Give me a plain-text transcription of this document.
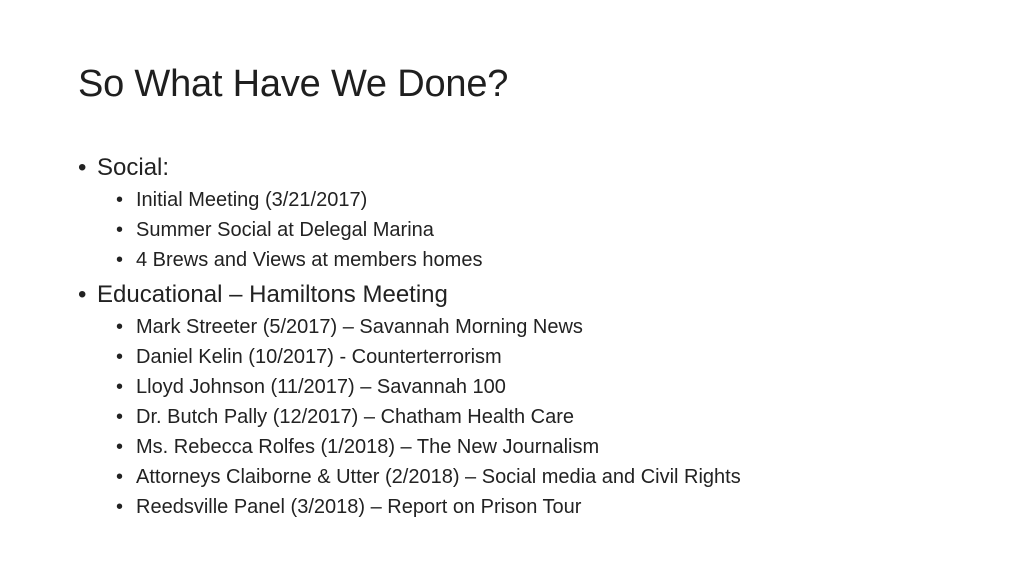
So What Have We Done?
• Social:
• Initial Meeting (3/21/2017)
• Summer Social at Delegal Marina
• 4 Brews and Views at members homes
• Educational – Hamiltons Meeting
• Mark Streeter (5/2017) – Savannah Morning News
• Daniel Kelin (10/2017) - Counterterrorism
• Lloyd Johnson (11/2017) – Savannah 100
• Dr. Butch Pally (12/2017) – Chatham Health Care
• Ms. Rebecca Rolfes (1/2018) – The New Journalism
• Attorneys Claiborne & Utter (2/2018) – Social media and Civil Rights
• Reedsville Panel (3/2018) – Report on Prison Tour
